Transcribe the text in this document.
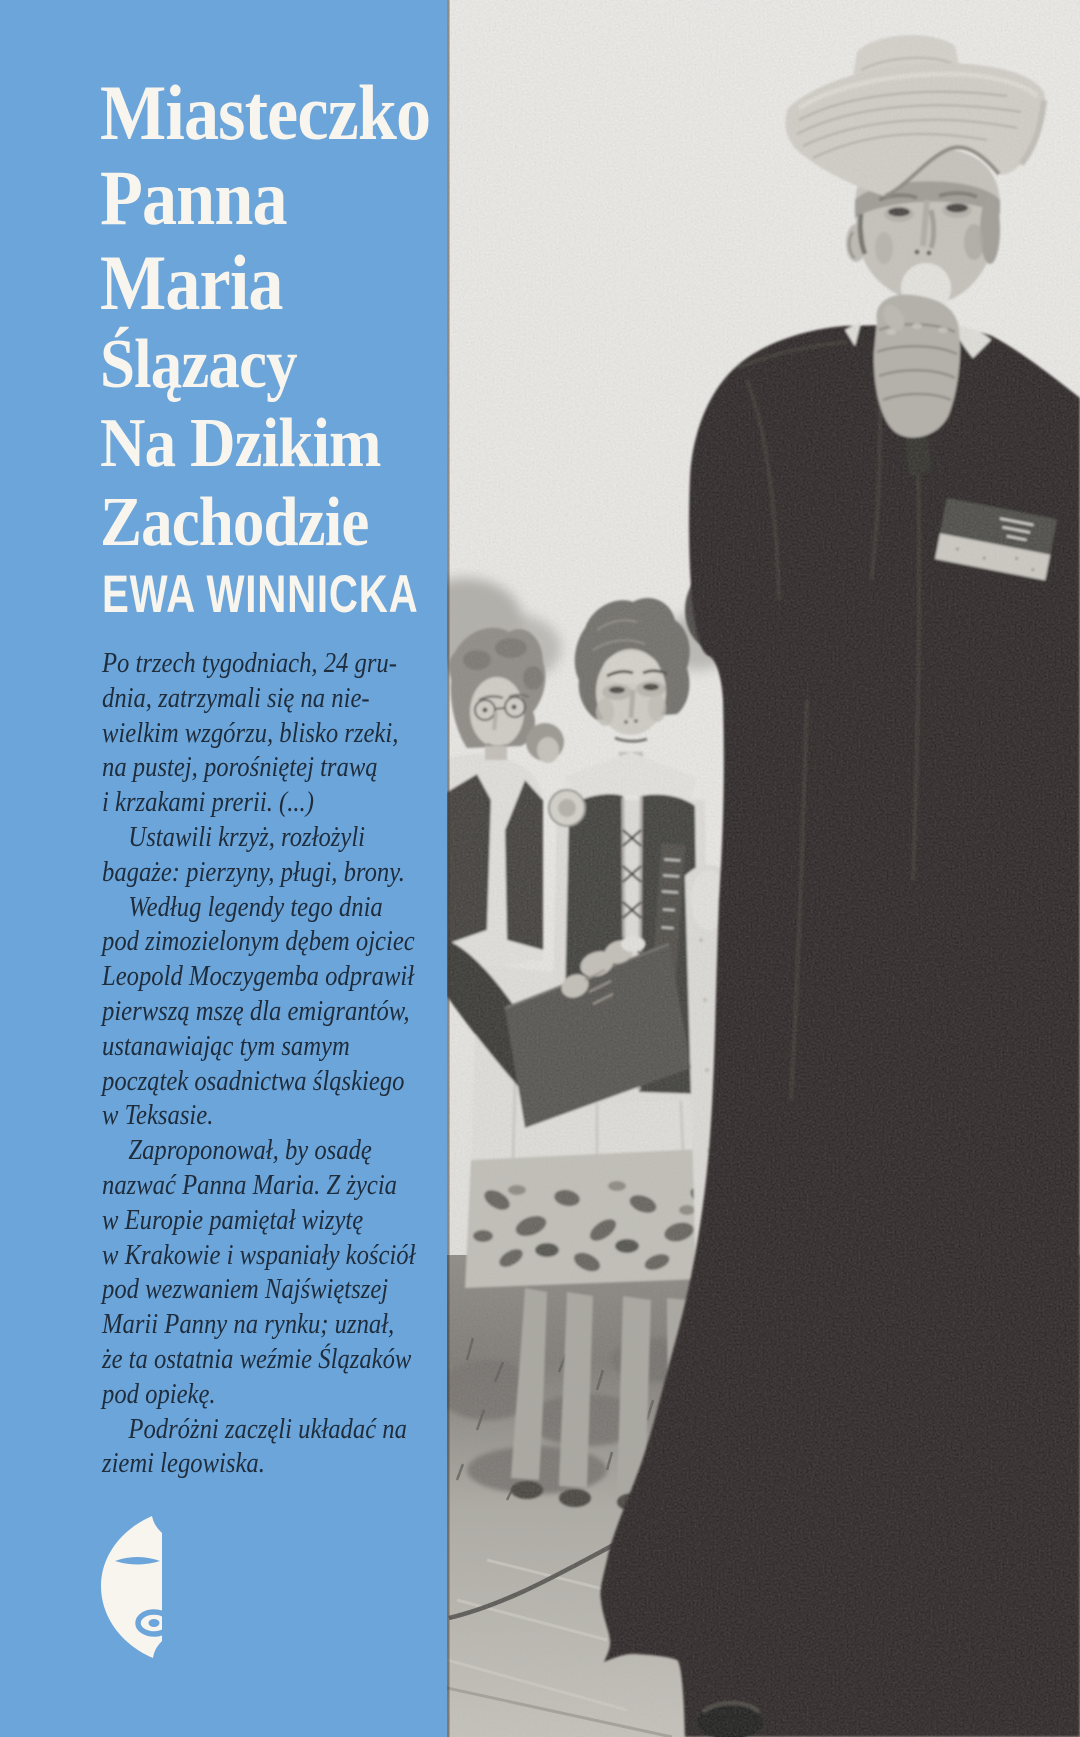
Miasteczko
Panna
Maria
Ślązacy
Na Dzikim
Zachodzie
EWA WINNICKA
Po trzech tygodniach, 24 gru-
dnia, zatrzymali się na nie-
wielkim wzgórzu, blisko rzeki,
na pustej, porośniętej trawą
i krzakami prerii. (...)
Ustawili krzyż, rozłożyli
bagaże: pierzyny, pługi, brony.
Według legendy tego dnia
pod zimozielonym dębem ojciec
Leopold Moczygemba odprawił
pierwszą mszę dla emigrantów,
ustanawiając tym samym
początek osadnictwa śląskiego
w Teksasie.
Zaproponował, by osadę
nazwać Panna Maria. Z życia
w Europie pamiętał wizytę
w Krakowie i wspaniały kościół
pod wezwaniem Najświętszej
Marii Panny na rynku; uznał,
że ta ostatnia weźmie Ślązaków
pod opiekę.
Podróżni zaczęli układać na
ziemi legowiska.
